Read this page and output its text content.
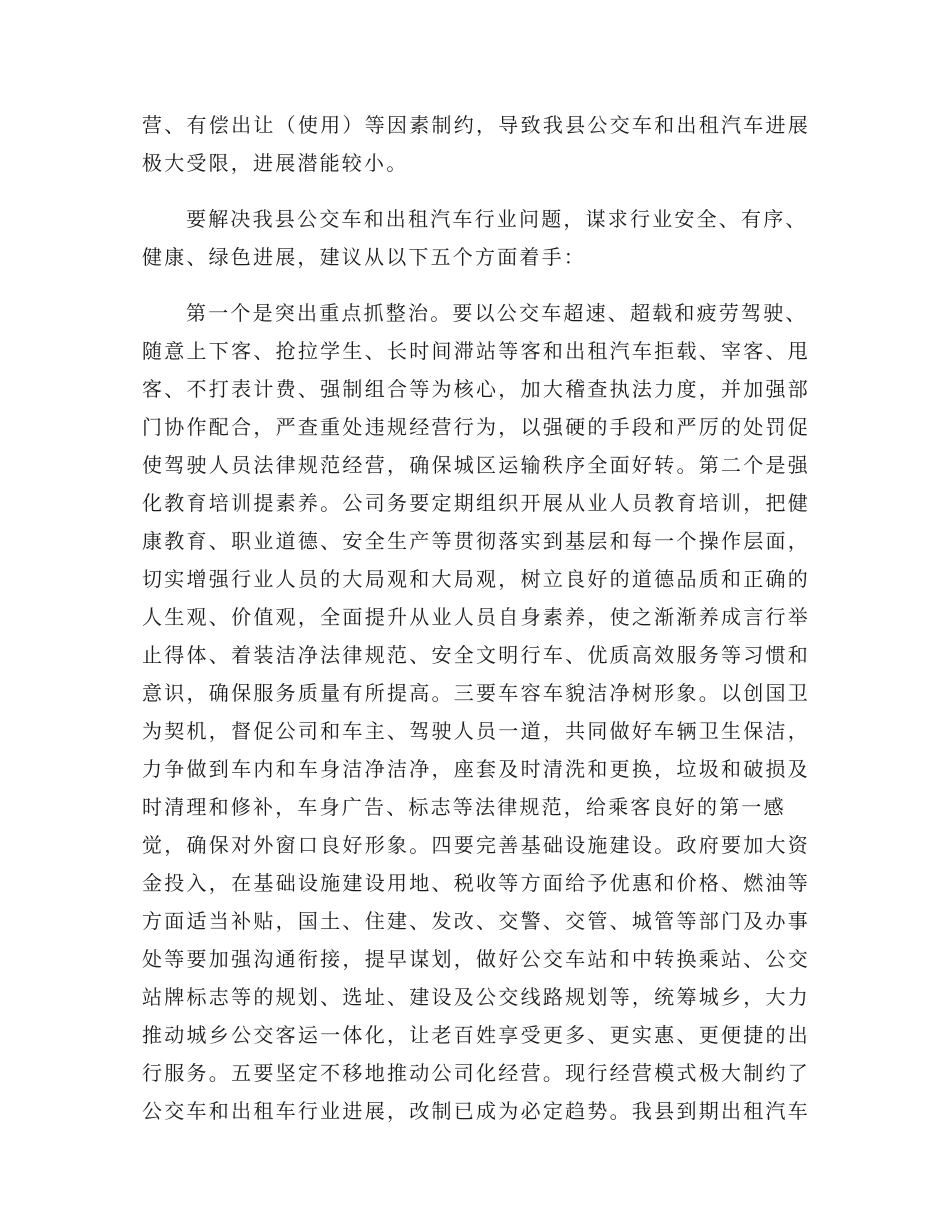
营、有偿出让（使用）等因素制约，导致我县公交车和出租汽车进展
极大受限，进展潜能较小。
要解决我县公交车和出租汽车行业问题，谋求行业安全、有序、
健康、绿色进展，建议从以下五个方面着手：
第一个是突出重点抓整治。要以公交车超速、超载和疲劳驾驶、
随意上下客、抢拉学生、长时间滞站等客和出租汽车拒载、宰客、甩
客、不打表计费、强制组合等为核心，加大稽查执法力度，并加强部
门协作配合，严查重处违规经营行为，以强硬的手段和严厉的处罚促
使驾驶人员法律规范经营，确保城区运输秩序全面好转。第二个是强
化教育培训提素养。公司务要定期组织开展从业人员教育培训，把健
康教育、职业道德、安全生产等贯彻落实到基层和每一个操作层面，
切实增强行业人员的大局观和大局观，树立良好的道德品质和正确的
人生观、价值观，全面提升从业人员自身素养，使之渐渐养成言行举
止得体、着装洁净法律规范、安全文明行车、优质高效服务等习惯和
意识，确保服务质量有所提高。三要车容车貌洁净树形象。以创国卫
为契机，督促公司和车主、驾驶人员一道，共同做好车辆卫生保洁，
力争做到车内和车身洁净洁净，座套及时清洗和更换，垃圾和破损及
时清理和修补，车身广告、标志等法律规范，给乘客良好的第一感
觉，确保对外窗口良好形象。四要完善基础设施建设。政府要加大资
金投入，在基础设施建设用地、税收等方面给予优惠和价格、燃油等
方面适当补贴，国土、住建、发改、交警、交管、城管等部门及办事
处等要加强沟通衔接，提早谋划，做好公交车站和中转换乘站、公交
站牌标志等的规划、选址、建设及公交线路规划等，统筹城乡，大力
推动城乡公交客运一体化，让老百姓享受更多、更实惠、更便捷的出
行服务。五要坚定不移地推动公司化经营。现行经营模式极大制约了
公交车和出租车行业进展，改制已成为必定趋势。我县到期出租汽车
